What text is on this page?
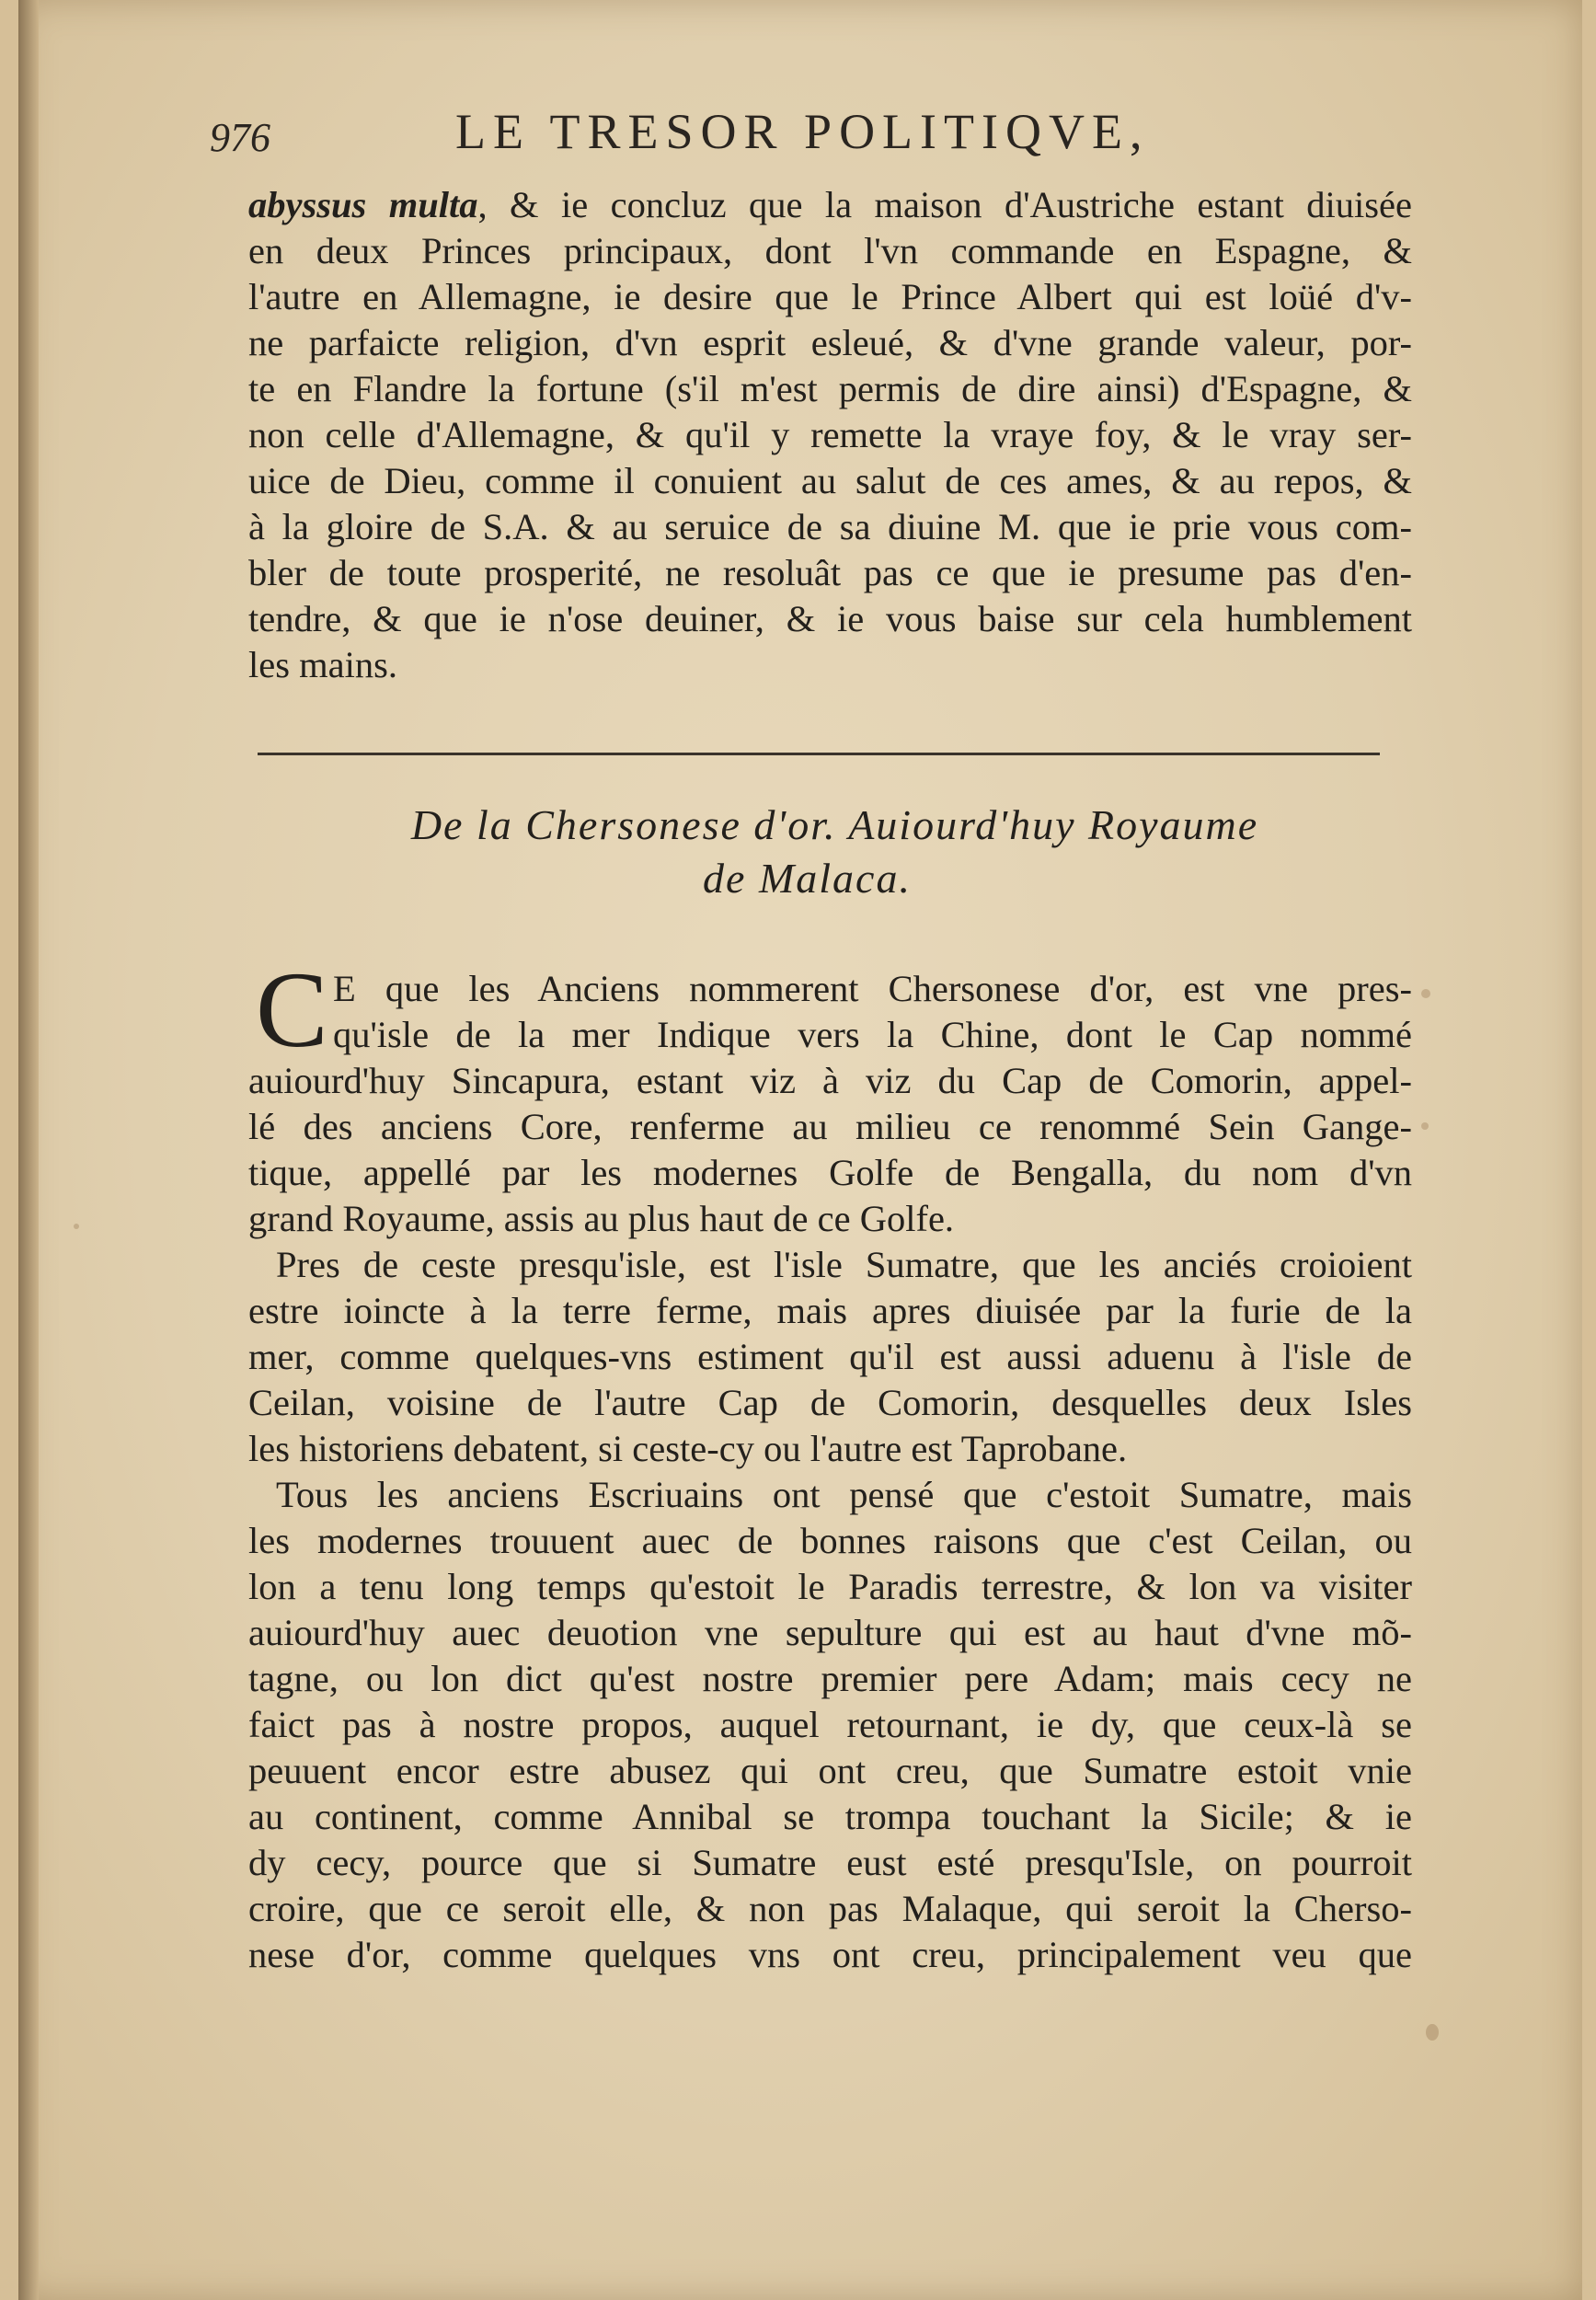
976	LE TRESOR POLITIQVE,
abyssus multa, & ie concluz que la maison d'Austriche estant diuisée
en deux Princes principaux, dont l'vn commande en Espagne, &
l'autre en Allemagne, ie desire que le Prince Albert qui est loüé d'v-
ne parfaicte religion, d'vn esprit esleué, & d'vne grande valeur, por-
te en Flandre la fortune (s'il m'est permis de dire ainsi) d'Espagne, &
non celle d'Allemagne, & qu'il y remette la vraye foy, & le vray ser-
uice de Dieu, comme il conuient au salut de ces ames, & au repos, &
à la gloire de S.A. & au seruice de sa diuine M. que ie prie vous com-
bler de toute prosperité, ne resoluât pas ce que ie presume pas d'en-
tendre, & que ie n'ose deuiner, & ie vous baise sur cela humblement
les mains.
De la Chersonese d'or. Auiourd'huy Royaume
de Malaca.
C E que les Anciens nommerent Chersonese d'or, est vne pres-
qu'isle de la mer Indique vers la Chine, dont le Cap nommé
auiourd'huy Sincapura, estant viz à viz du Cap de Comorin, appel-
lé des anciens Core, renferme au milieu ce renommé Sein Gange-
tique, appellé par les modernes Golfe de Bengalla, du nom d'vn
grand Royaume, assis au plus haut de ce Golfe.
Pres de ceste presqu'isle, est l'isle Sumatre, que les anciés croioient
estre ioincte à la terre ferme, mais apres diuisée par la furie de la
mer, comme quelques-vns estiment qu'il est aussi aduenu à l'isle de
Ceilan, voisine de l'autre Cap de Comorin, desquelles deux Isles
les historiens debatent, si ceste-cy ou l'autre est Taprobane.
Tous les anciens Escriuains ont pensé que c'estoit Sumatre, mais
les modernes trouuent auec de bonnes raisons que c'est Ceilan, ou
lon a tenu long temps qu'estoit le Paradis terrestre, & lon va visiter
auiourd'huy auec deuotion vne sepulture qui est au haut d'vne mõ-
tagne, ou lon dict qu'est nostre premier pere Adam; mais cecy ne
faict pas à nostre propos, auquel retournant, ie dy, que ceux-là se
peuuent encor estre abusez qui ont creu, que Sumatre estoit vnie
au continent, comme Annibal se trompa touchant la Sicile; & ie
dy cecy, pource que si Sumatre eust esté presqu'Isle, on pourroit
croire, que ce seroit elle, & non pas Malaque, qui seroit la Cherso-
nese d'or, comme quelques vns ont creu, principalement veu que
